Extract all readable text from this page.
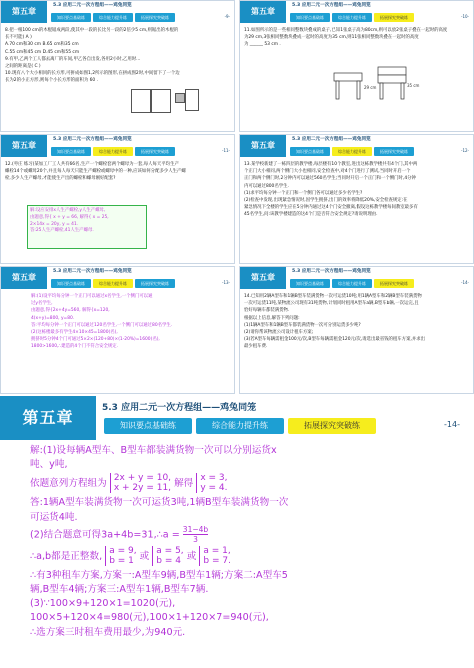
第五章
5.3 应用二元一次方程组——鸡兔同笼
知识要点基础练	综合能力提升练	拓展探究突破练	-9-
8.把一根100 cm的木棍锯成两段,使其中一段的长比另一段的2倍少5 cm,则锯出的木棍的
长不可能( A )
A.70 cm和30 cm B.65 cm和35 cm
C.55 cm和45 cm D.45 cm和55 cm
9.有甲,乙两个工人都去离厂的车间,甲乙各自出发,各用2小时,乙用时...
之间的距离是( C )
10.现有八个大小相同的长方形,可拼成如图1,2所示的图形,在拼成图2时,中间留下了一个边
长为2的小正方形,则每个小长方形的面积为 60 .
第五章
5.3 应用二元一次方程组——鸡兔同笼
知识要点基础练	综合能力提升练	拓展探究突破练	-10-
11.如图所示的是一些相同整数块叠成的桌子,已知1张桌子高为80cm,则可以放2张桌子叠在一起时的高度
为29 cm,3张相同整数块叠成一起时的高度为35 cm,则11张相同整数块叠在一起时的高度
为 ______ 53 cm .
29 cm	35 cm
第五章
5.3 应用二元一次方程组——鸡兔同笼
知识要点基础练	综合能力提升练	拓展探究突破练	-11-
12.(枣庄 练习)某加工厂工人共有66名,生产一个螺栓套两个螺母为一套,每人每天平均生产
螺栓14个或螺母20个,并且每人每天只能生产螺栓或螺母中的一种,应该如何分配多少人生产螺
栓,多少人生产螺母,才能使生产出的螺栓和螺母刚好配套?
解:设应安排x人生产螺栓,y人生产螺母,
由题意,得{ x + y = 66, 解得{ x = 25,
2×14x = 20y, y = 41.
答:25人生产螺栓,41人生产螺母.
第五章
5.3 应用二元一次方程组——鸡兔同笼
知识要点基础练	综合能力提升练	拓展探究突破练	-12-
13.某学校新建了一栋四层的教学楼,每层楼有10个教室,进出这栋教学楼共有4个门,其中两
个正门大小相同,两个侧门大小也相同,安全检查中,对4个门进行了测试,当同时开启一个
正门和两个侧门时,2分钟内可以通过560名学生;当同时开启一个正门和一个侧门时,4分钟
内可以通过800名学生.
(1)求平均每分钟一个正门和一个侧门各可以通过多少名学生?
(2)检查中发现,出现紧急情况时,因学生拥挤,出门的效率将降低20%,安全检查规定:在
紧急情况下全楼的学生应在5分钟内通过这4个门安全撤离,假设这栋教学楼每间教室最多有
45名学生,问:该教学楼建造的这4个门是否符合安全规定?请说明理由.
第五章
5.3 应用二元一次方程组——鸡兔同笼
知识要点基础练	综合能力提升练	拓展探究突破练	-13-
解:(1)设平均每分钟一个正门可以通过x名学生,一个侧门可以通
过y名学生,
由题意,得{2x+4y=560, 解得{x=120,
4(x+y)=800, y=80.
答:平均每分钟一个正门可以通过120名学生,一个侧门可以通过80名学生.
(2)这栋楼最多有学生4×10×45=1800(名),
拥挤时5分钟4个门可通过5×2×(120+80)×(1-20%)=1600(名),
1800>1600,∴建造的4个门不符合安全规定.
第五章
5.3 应用二元一次方程组——鸡兔同笼
知识要点基础练	综合能力提升练	拓展探究突破练	-14-
14.已知用2辆A型车和1辆B型车装满货物一次可运货10吨;用1辆A型车和2辆B型车装满货物
一次可运货11吨,某物流公司现有31吨货物,计划同时租用A型车a辆,B型车b辆,一次运完,且
恰好每辆车都装满货物.
根据以上信息,解答下列问题:
(1)1辆A型车和1辆B型车都装满货物一次可分别运货多少吨?
(2)请你帮该物流公司设计租车方案;
(3)若A型车每辆需租金100元/次,B型车每辆需租金120元/次,请选出最省钱的租车方案,并求出
最少租车费.
第五章	5.3 应用二元一次方程组——鸡兔同笼
知识要点基础练	综合能力提升练	拓展探究突破练	-14-
解:(1)设每辆A型车、B型车都装满货物一次可以分别运货x
吨、y吨,
依题意列方程组为 2x + y = 10,
x + 2y = 11, 解得 x = 3,
y = 4.
答:1辆A型车装满货物一次可运货3吨,1辆B型车装满货物一次
可运货4吨.
(2)结合题意可得3a+4b=31,∴a = $\frac{31-4b}{3}$
∴a,b都是正整数, a = 9,
b = 1 或 a = 5,
b = 4 或 a = 1,
b = 7.
∴有3种租车方案,方案一:A型车9辆,B型车1辆;方案二:A型车5
辆,B型车4辆;方案三:A型车1辆,B型车7辆.
(3)∵100×9+120×1=1020(元),
100×5+120×4=980(元),100×1+120×7=940(元),
∴选方案三时租车费用最少,为940元.
